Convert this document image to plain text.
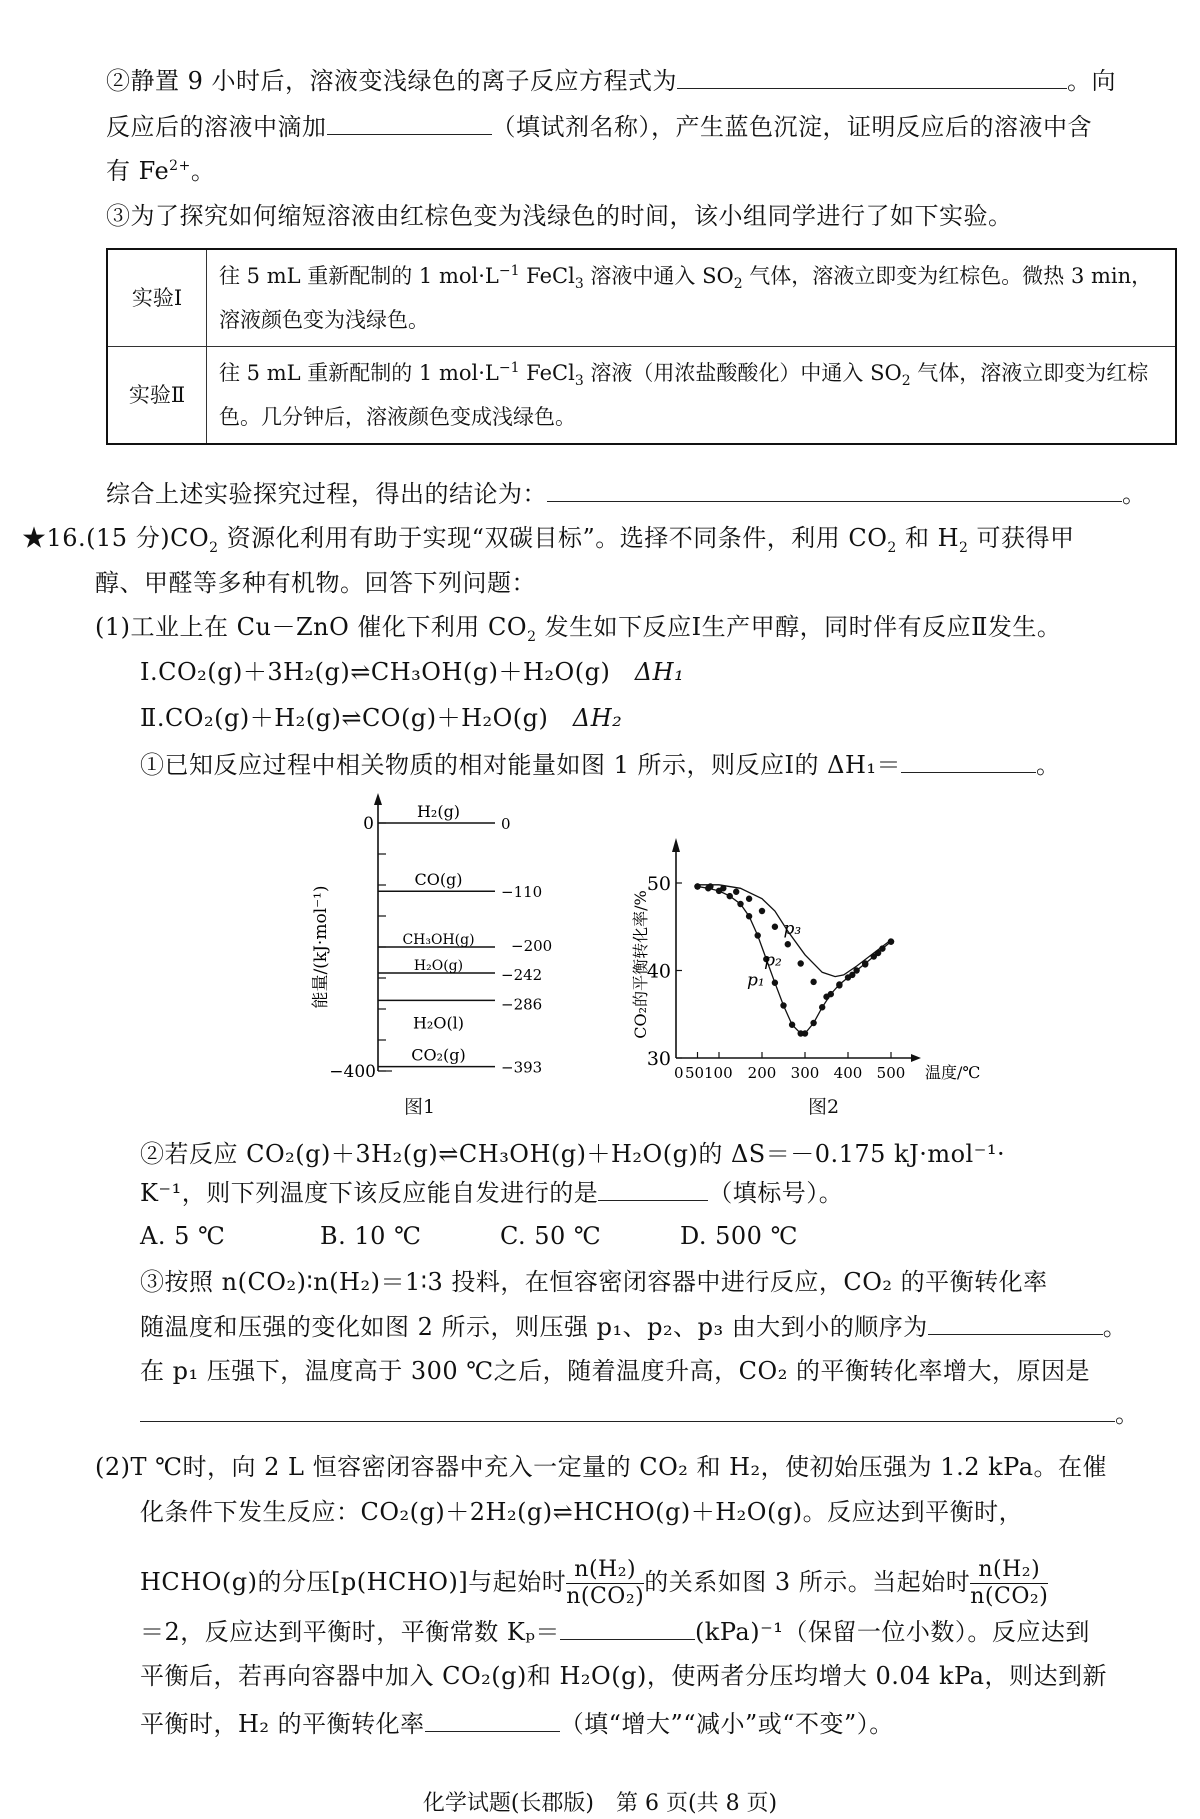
②静置 9 小时后，溶液变浅绿色的离子反应方程式为	。向
反应后的溶液中滴加	（填试剂名称），产生蓝色沉淀，证明反应后的溶液中含
有 $Fe^{2+}$。
③为了探究如何缩短溶液由红棕色变为浅绿色的时间，该小组同学进行了如下实验。
实验Ⅰ	往 5 mL 重新配制的 1 $mol\cdot L^{-1}$ FeCl$_3$ 溶液中通入 $SO_2$ 气体，溶液立即变为红棕色。微热 3 min，溶液颜色变为浅绿色。
实验Ⅱ	往 5 mL 重新配制的 1 $mol\cdot L^{-1}$ FeCl$_3$ 溶液（用浓盐酸酸化）中通入 $SO_2$ 气体，溶液立即变为红棕色。几分钟后，溶液颜色变成浅绿色。
综合上述实验探究过程，得出的结论为：	。
★16.(15 分)$CO_2$ 资源化利用有助于实现“双碳目标”。选择不同条件，利用 $CO_2$ 和 $H_2$ 可获得甲
醇、甲醛等多种有机物。回答下列问题：
(1)工业上在 Cu－ZnO 催化下利用 $CO_2$ 发生如下反应Ⅰ生产甲醇，同时伴有反应Ⅱ发生。
Ⅰ.CO₂(g)＋3H₂(g)⇌CH₃OH(g)＋H₂O(g)  ΔH₁
Ⅱ.CO₂(g)＋H₂(g)⇌CO(g)＋H₂O(g)  ΔH₂
①已知反应过程中相关物质的相对能量如图 1 所示，则反应Ⅰ的 ΔH₁＝	。
0
−400
能量/(kJ·mol⁻¹)
H₂(g)
0
CO(g)
−110
CH₃OH(g) −200
H₂O(g)	−242
H₂O(l)
−286
CO₂(g)
−393	30
40
50
0 50 100 200 300 400 500 温度/℃
CO₂的平衡转化率/%	p₃
p₂
p₁
图1	图2
②若反应 CO₂(g)＋3H₂(g)⇌CH₃OH(g)＋H₂O(g)的 ΔS＝－0.175 kJ·mol⁻¹·
K⁻¹，则下列温度下该反应能自发进行的是	（填标号）。
A. 5 ℃	B. 10 ℃	C. 50 ℃	D. 500 ℃
③按照 n(CO₂)∶n(H₂)＝1∶3 投料，在恒容密闭容器中进行反应，CO₂ 的平衡转化率
随温度和压强的变化如图 2 所示，则压强 p₁、p₂、p₃ 由大到小的顺序为	。
在 p₁ 压强下，温度高于 300 ℃之后，随着温度升高，CO₂ 的平衡转化率增大，原因是
。
(2)T ℃时，向 2 L 恒容密闭容器中充入一定量的 CO₂ 和 H₂，使初始压强为 1.2 kPa。在催
化条件下发生反应：CO₂(g)＋2H₂(g)⇌HCHO(g)＋H₂O(g)。反应达到平衡时，
HCHO(g)的分压[p(HCHO)]与起始时 $\frac{\text{n(H₂)}}{\text{n(CO₂)}}$ 的关系如图 3 所示。当起始时 $\frac{\text{n(H₂)}}{\text{n(CO₂)}}$
＝2，反应达到平衡时，平衡常数 Kₚ＝	(kPa)⁻¹（保留一位小数）。反应达到
平衡后，若再向容器中加入 CO₂(g)和 H₂O(g)，使两者分压均增大 0.04 kPa，则达到新
平衡时，H₂ 的平衡转化率	（填“增大”“减小”或“不变”）。
化学试题(长郡版)　第 6 页(共 8 页)
